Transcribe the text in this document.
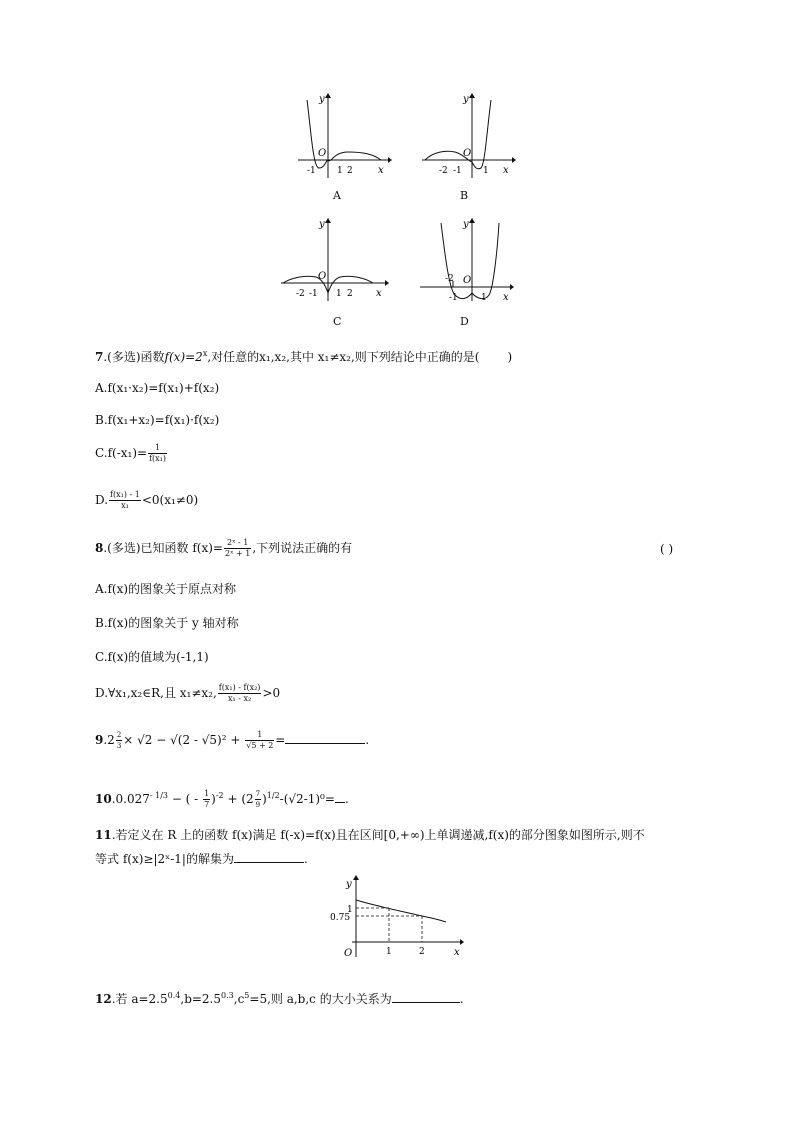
x
y
O
-1 1 2
A
x
y
O
-2 -1 1
B
x
y
O
-2 -1 1 2
C
x
y
O
-2
-1	1
D
7.(多选)函数$f(x)=2^x$,对任意的x₁,x₂,其中 x₁≠x₂,则下列结论中正确的是( )
A.f(x₁·x₂)=f(x₁)+f(x₂)
B.f(x₁+x₂)=f(x₁)·f(x₂)
$C.f(-x_1)= \frac{1}{\text{f(x₁)}}$
D. $\frac{\text{f(x₁) - 1}}{\text{x₁}} <0(x_1\ne 0)$
8.(多选)已知函数 $f(x)= \frac{\text{2ˣ - 1}}{\text{2ˣ + 1}}$ ,下列说法正确的有	( )
A.f(x)的图象关于原点对称
B.f(x)的图象关于 y 轴对称
C.f(x)的值域为(-1,1)
D.∀x₁,x₂∈R,且 x₁≠x₂, $\frac{\text{f(x₁) - f(x₂)}}{\text{x₁ - x₂}} >0$
$9.2 \frac{2}{3} \times √2 - √(2 - √5)^2 + \frac{1}{√5 + 2}$ =	.
$10.0.027^{- 1/3}$ − ( - $\frac{1}{7} )^{-2} + (2 \frac{7}{9} )^{1/2}-(√2-1)^0=$ .
11.若定义在 R 上的函数 f(x)满足 f(-x)=f(x)且在区间[0,+∞)上单调递减,f(x)的部分图象如图所示,则不
等式 f(x)≥|2ˣ-1|的解集为	.
y
x
O
1
0.75
1	2
12.若 $a=2.5^{0.4},b=2.5^{0.3},c^5=5$,则 a,b,c 的大小关系为	.
